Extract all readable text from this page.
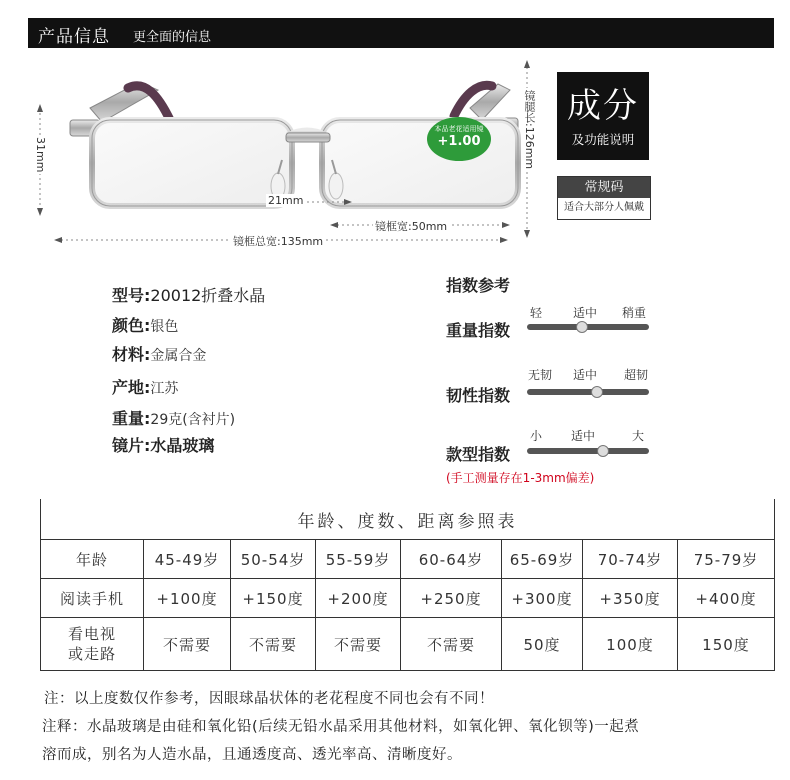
产品信息 更全面的信息
本品老花适用镜
+1.00
31mm
21mm
镜框宽:50mm
镜框总宽:135mm
镜腿长:126mm 成分
及功能说明
常规码
适合大部分人佩戴
型号:20012折叠水晶
颜色:银色
材料:金属合金
产地:江苏
重量:29克(含衬片)
镜片:水晶玻璃
指数参考
重量指数
轻	适中 稍重
韧性指数
无韧 适中 超韧
款型指数
小 适中	大
(手工测量存在1-3mm偏差)
年龄、度数、距离参照表							
年龄	45-49岁	50-54岁	55-59岁	60-64岁	65-69岁	70-74岁	75-79岁
阅读手机	+100度	+150度	+200度	+250度	+300度	+350度	+400度
看电视
或走路	不需要	不需要	不需要	不需要	50度	100度	150度
注：以上度数仅作参考，因眼球晶状体的老花程度不同也会有不同！
注释：水晶玻璃是由硅和氧化铅(后续无铅水晶采用其他材料，如氧化钾、氧化钡等)一起煮
溶而成，别名为人造水晶，且通透度高、透光率高、清晰度好。
